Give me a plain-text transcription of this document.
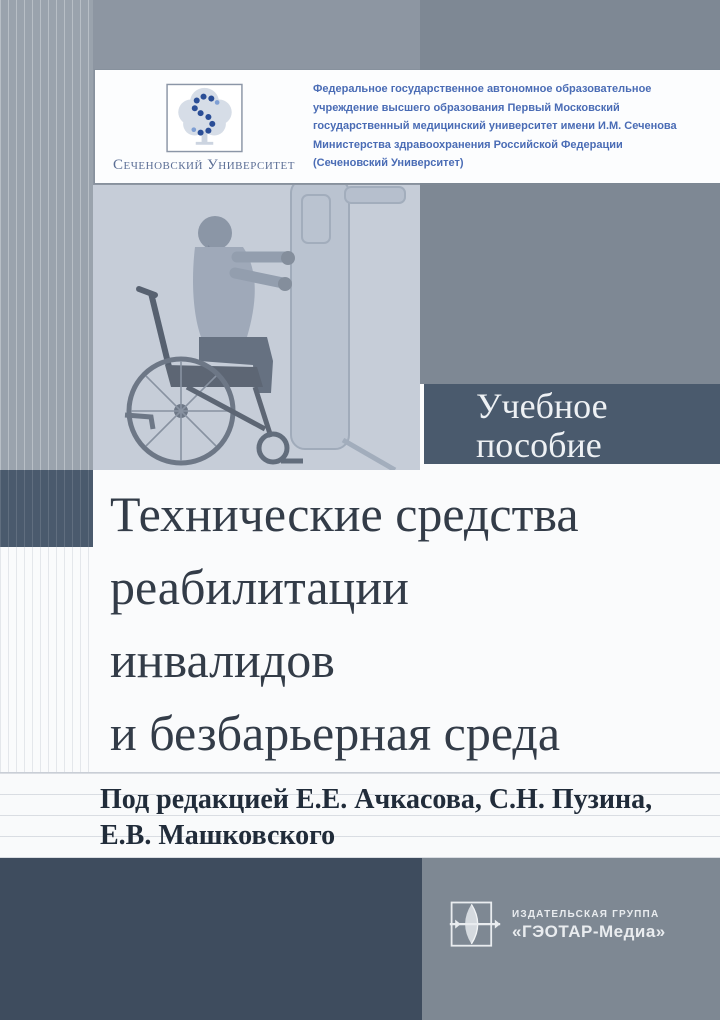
Сеченовский Университет
Федеральное государственное автономное образовательное
учреждение высшего образования Первый Московский
государственный медицинский университет имени И.М. Сеченова
Министерства здравоохранения Российской Федерации
(Сеченовский Университет)
Учебное
пособие
Технические средства
реабилитации
инвалидов
и безбарьерная среда
Под редакцией Е.Е. Ачкасова, С.Н. Пузина,
Е.В. Машковского
ИЗДАТЕЛЬСКАЯ ГРУППА
«ГЭОТАР-Медиа»
